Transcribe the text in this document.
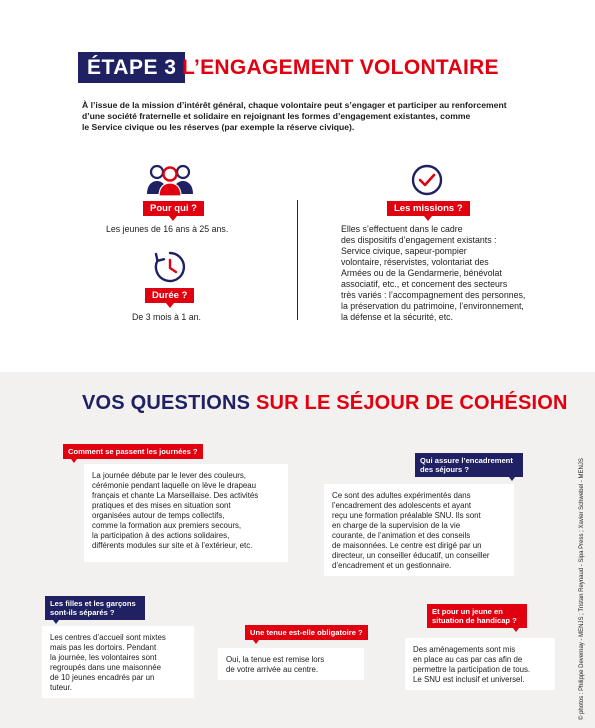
ÉTAPE 3 L’ENGAGEMENT VOLONTAIRE
À l’issue de la mission d’intérêt général, chaque volontaire peut s’engager et participer au renforcement
d’une société fraternelle et solidaire en rejoignant les formes d’engagement existantes, comme
le Service civique ou les réserves (par exemple la réserve civique).
Pour qui ?
Les jeunes de 16 ans à 25 ans.
Durée ?
De 3 mois à 1 an.
Les missions ?
Elles s’effectuent dans le cadre
des dispositifs d’engagement existants :
Service civique, sapeur-pompier
volontaire, réservistes, volontariat des
Armées ou de la Gendarmerie, bénévolat
associatif, etc., et concernent des secteurs
très variés : l’accompagnement des personnes,
la préservation du patrimoine, l’environnement,
la défense et la sécurité, etc.
VOS QUESTIONS SUR LE SÉJOUR DE COHÉSION
Comment se passent les journées ?
La journée débute par le lever des couleurs,
cérémonie pendant laquelle on lève le drapeau
français et chante La Marseillaise. Des activités
pratiques et des mises en situation sont
organisées autour de temps collectifs,
comme la formation aux premiers secours,
la participation à des actions solidaires,
différents modules sur site et à l’extérieur, etc.
Qui assure l’encadrement
des séjours ?
Ce sont des adultes expérimentés dans
l’encadrement des adolescents et ayant
reçu une formation préalable SNU. Ils sont
en charge de la supervision de la vie
courante, de l’animation et des conseils
de maisonnées. Le centre est dirigé par un
directeur, un conseiller éducatif, un conseiller
d’encadrement et un gestionnaire.
Les filles et les garçons
sont-ils séparés ?
Les centres d’accueil sont mixtes
mais pas les dortoirs. Pendant
la journée, les volontaires sont
regroupés dans une maisonnée
de 10 jeunes encadrés par un
tuteur.
Une tenue est-elle obligatoire ?
Oui, la tenue est remise lors
de votre arrivée au centre.
Et pour un jeune en
situation de handicap ?
Des aménagements sont mis
en place au cas par cas afin de
permettre la participation de tous.
Le SNU est inclusif et universel.	© photos : Philippe Devernay - MENJS ; Tristan Reynaud - Sipa Press ; Xavier Schwebel - MENJS
